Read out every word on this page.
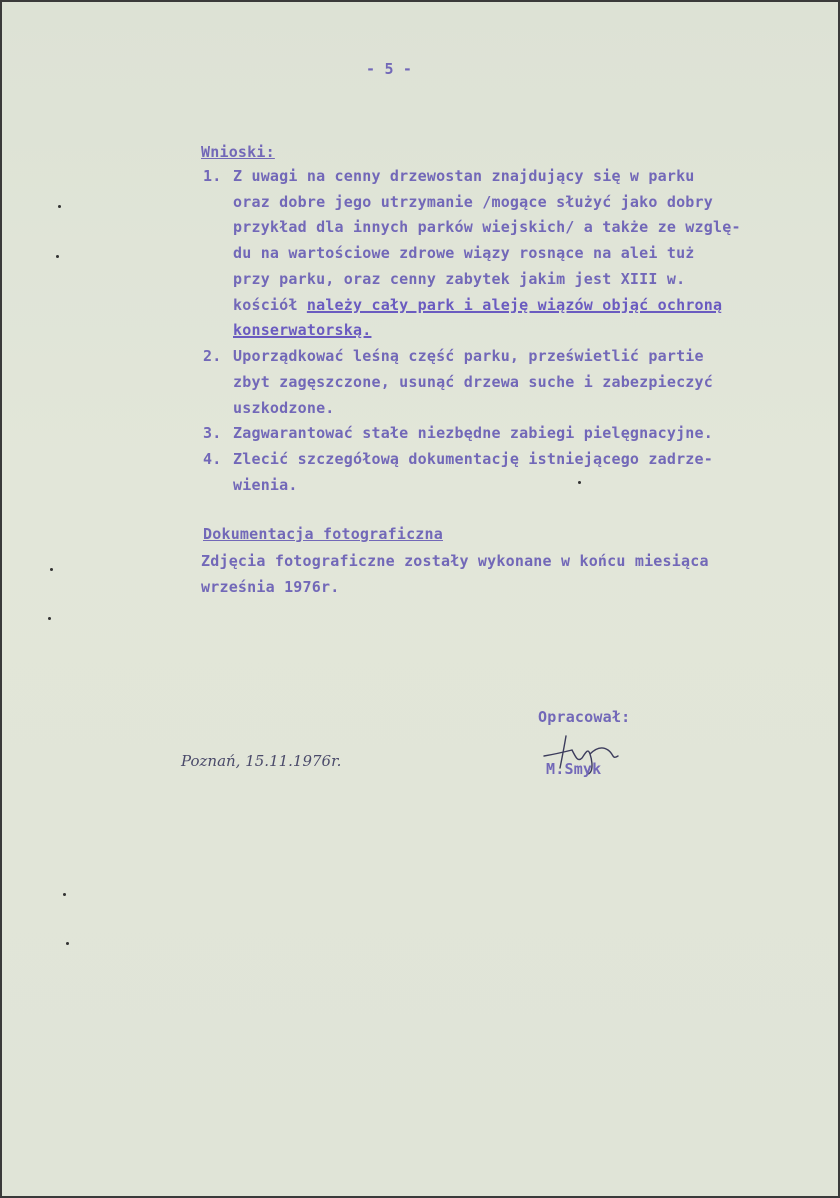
- 5 -
Wnioski:
1. Z uwagi na cenny drzewostan znajdujący się w parku
oraz dobre jego utrzymanie /mogące służyć jako dobry
przykład dla innych parków wiejskich/ a także ze wzglę-
du na wartościowe zdrowe wiązy rosnące na alei tuż
przy parku, oraz cenny zabytek jakim jest XIII w.
kościół należy cały park i aleję wiązów objąć ochroną
konserwatorską.
2. Uporządkować leśną część parku, prześwietlić partie
zbyt zagęszczone, usunąć drzewa suche i zabezpieczyć
uszkodzone.
3. Zagwarantować stałe niezbędne zabiegi pielęgnacyjne.
4. Zlecić szczegółową dokumentację istniejącego zadrze-
wienia.
Dokumentacja fotograficzna
Zdjęcia fotograficzne zostały wykonane w końcu miesiąca
września 1976r.
Poznań, 15.11.1976r.
Opracował:
M.Smyk
